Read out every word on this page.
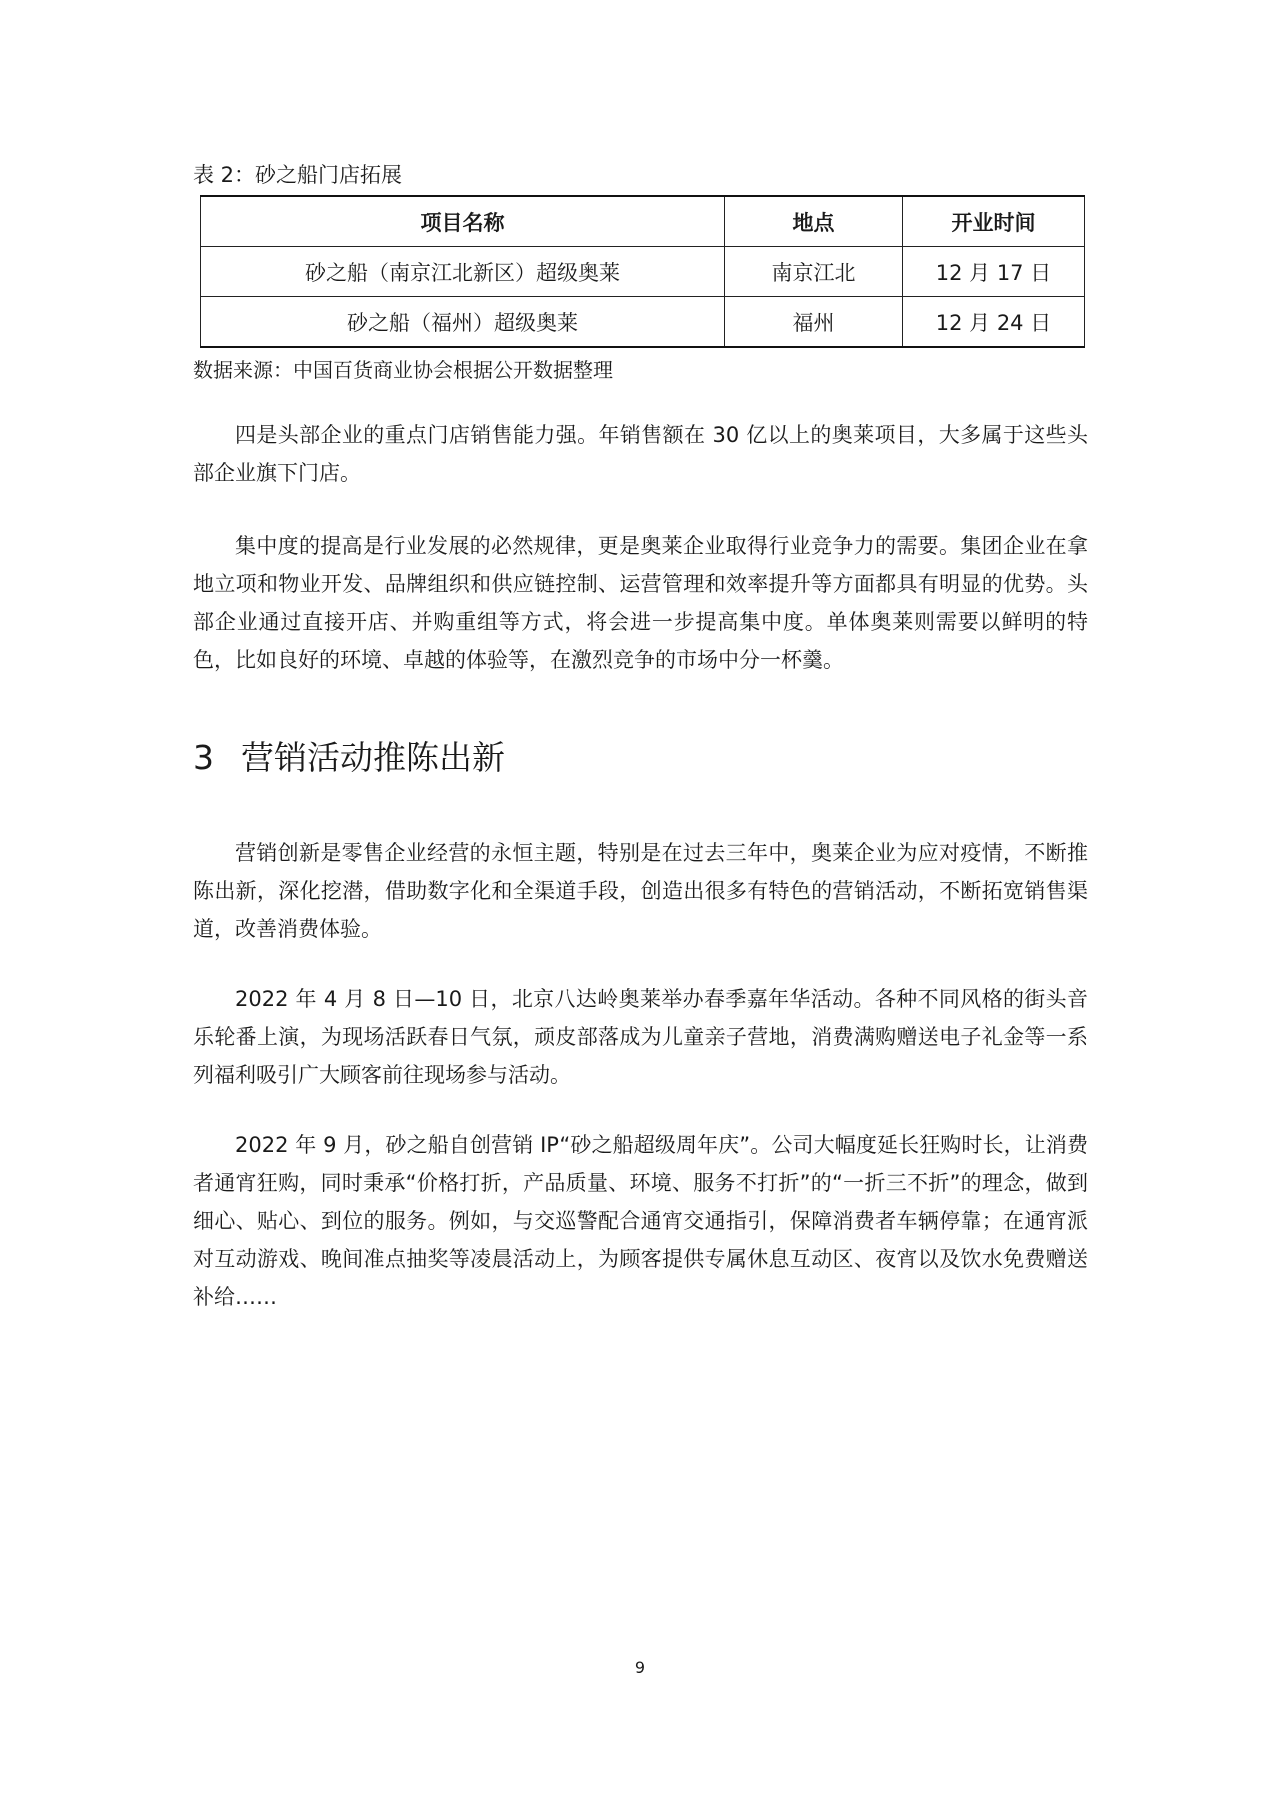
表 2：砂之船门店拓展
项目名称	地点	开业时间
砂之船（南京江北新区）超级奥莱	南京江北	12 月 17 日
砂之船（福州）超级奥莱	福州	12 月 24 日
数据来源：中国百货商业协会根据公开数据整理

四是头部企业的重点门店销售能力强。年销售额在 30 亿以上的奥莱项目，大多属于这些头部企业旗下门店。

集中度的提高是行业发展的必然规律，更是奥莱企业取得行业竞争力的需要。集团企业在拿地立项和物业开发、品牌组织和供应链控制、运营管理和效率提升等方面都具有明显的优势。头部企业通过直接开店、并购重组等方式，将会进一步提高集中度。单体奥莱则需要以鲜明的特色，比如良好的环境、卓越的体验等，在激烈竞争的市场中分一杯羹。

3 营销活动推陈出新

营销创新是零售企业经营的永恒主题，特别是在过去三年中，奥莱企业为应对疫情，不断推陈出新，深化挖潜，借助数字化和全渠道手段，创造出很多有特色的营销活动，不断拓宽销售渠道，改善消费体验。

2022 年 4 月 8 日—10 日，北京八达岭奥莱举办春季嘉年华活动。各种不同风格的街头音乐轮番上演，为现场活跃春日气氛，顽皮部落成为儿童亲子营地，消费满购赠送电子礼金等一系列福利吸引广大顾客前往现场参与活动。

2022 年 9 月，砂之船自创营销 IP“砂之船超级周年庆”。公司大幅度延长狂购时长，让消费者通宵狂购，同时秉承“价格打折，产品质量、环境、服务不打折”的“一折三不折”的理念，做到细心、贴心、到位的服务。例如，与交巡警配合通宵交通指引，保障消费者车辆停靠；在通宵派对互动游戏、晚间准点抽奖等凌晨活动上，为顾客提供专属休息互动区、夜宵以及饮水免费赠送补给……

9
